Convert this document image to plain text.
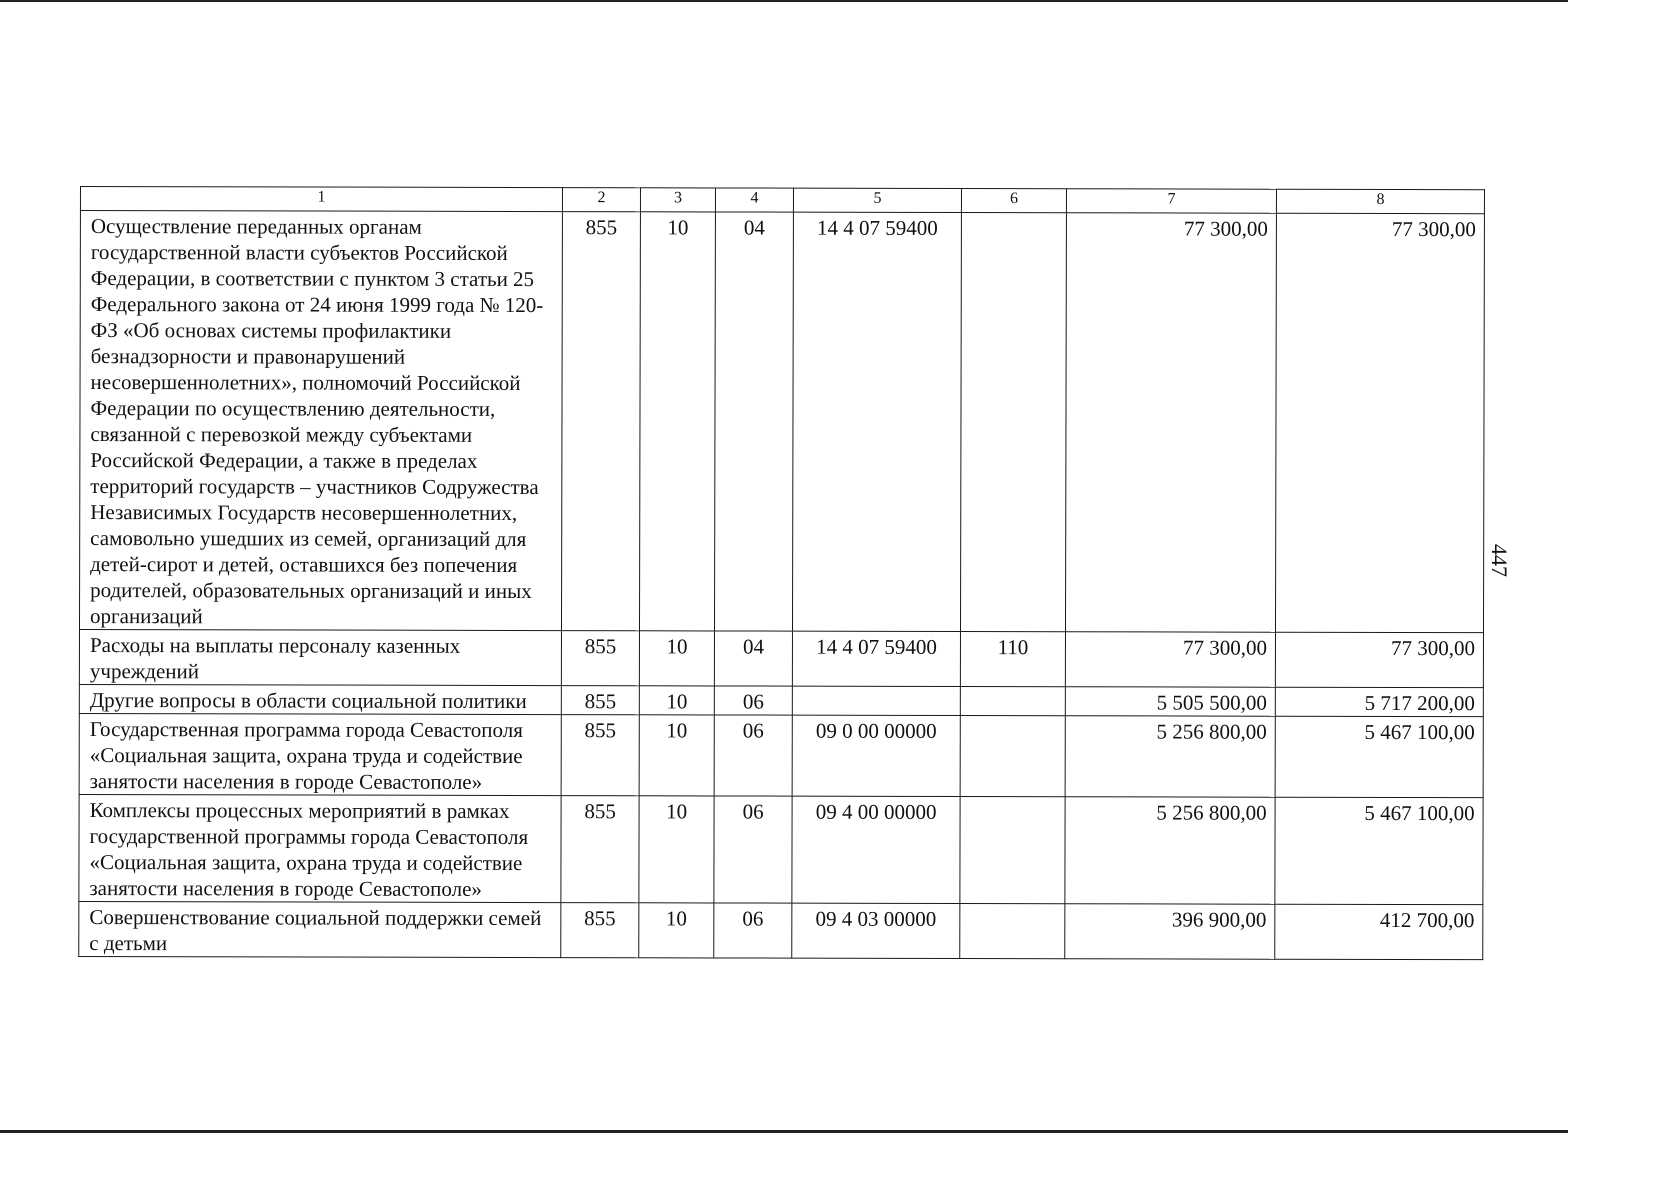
1	2	3	4	5	6	7	8
Осуществление переданных органам государственной власти субъектов Российской Федерации, в соответствии с пунктом 3 статьи 25 Федерального закона от 24 июня 1999 года № 120-ФЗ «Об основах системы профилактики безнадзорности и правонарушений несовершеннолетних», полномочий Российской Федерации по осуществлению деятельности, связанной с перевозкой между субъектами Российской Федерации, а также в пределах территорий государств – участников Содружества Независимых Государств несовершеннолетних, самовольно ушедших из семей, организаций для детей-сирот и детей, оставшихся без попечения родителей, образовательных организаций и иных организаций	855	10	04	14 4 07 59400		77 300,00	77 300,00
Расходы на выплаты персоналу казенных учреждений	855	10	04	14 4 07 59400	110	77 300,00	77 300,00
Другие вопросы в области социальной политики	855	10	06			5 505 500,00	5 717 200,00
Государственная программа города Севастополя «Социальная защита, охрана труда и содействие занятости населения в городе Севастополе»	855	10	06	09 0 00 00000		5 256 800,00	5 467 100,00
Комплексы процессных мероприятий в рамках государственной программы города Севастополя «Социальная защита, охрана труда и содействие занятости населения в городе Севастополе»	855	10	06	09 4 00 00000		5 256 800,00	5 467 100,00
Совершенствование социальной поддержки семей с детьми	855	10	06	09 4 03 00000		396 900,00	412 700,00
447
